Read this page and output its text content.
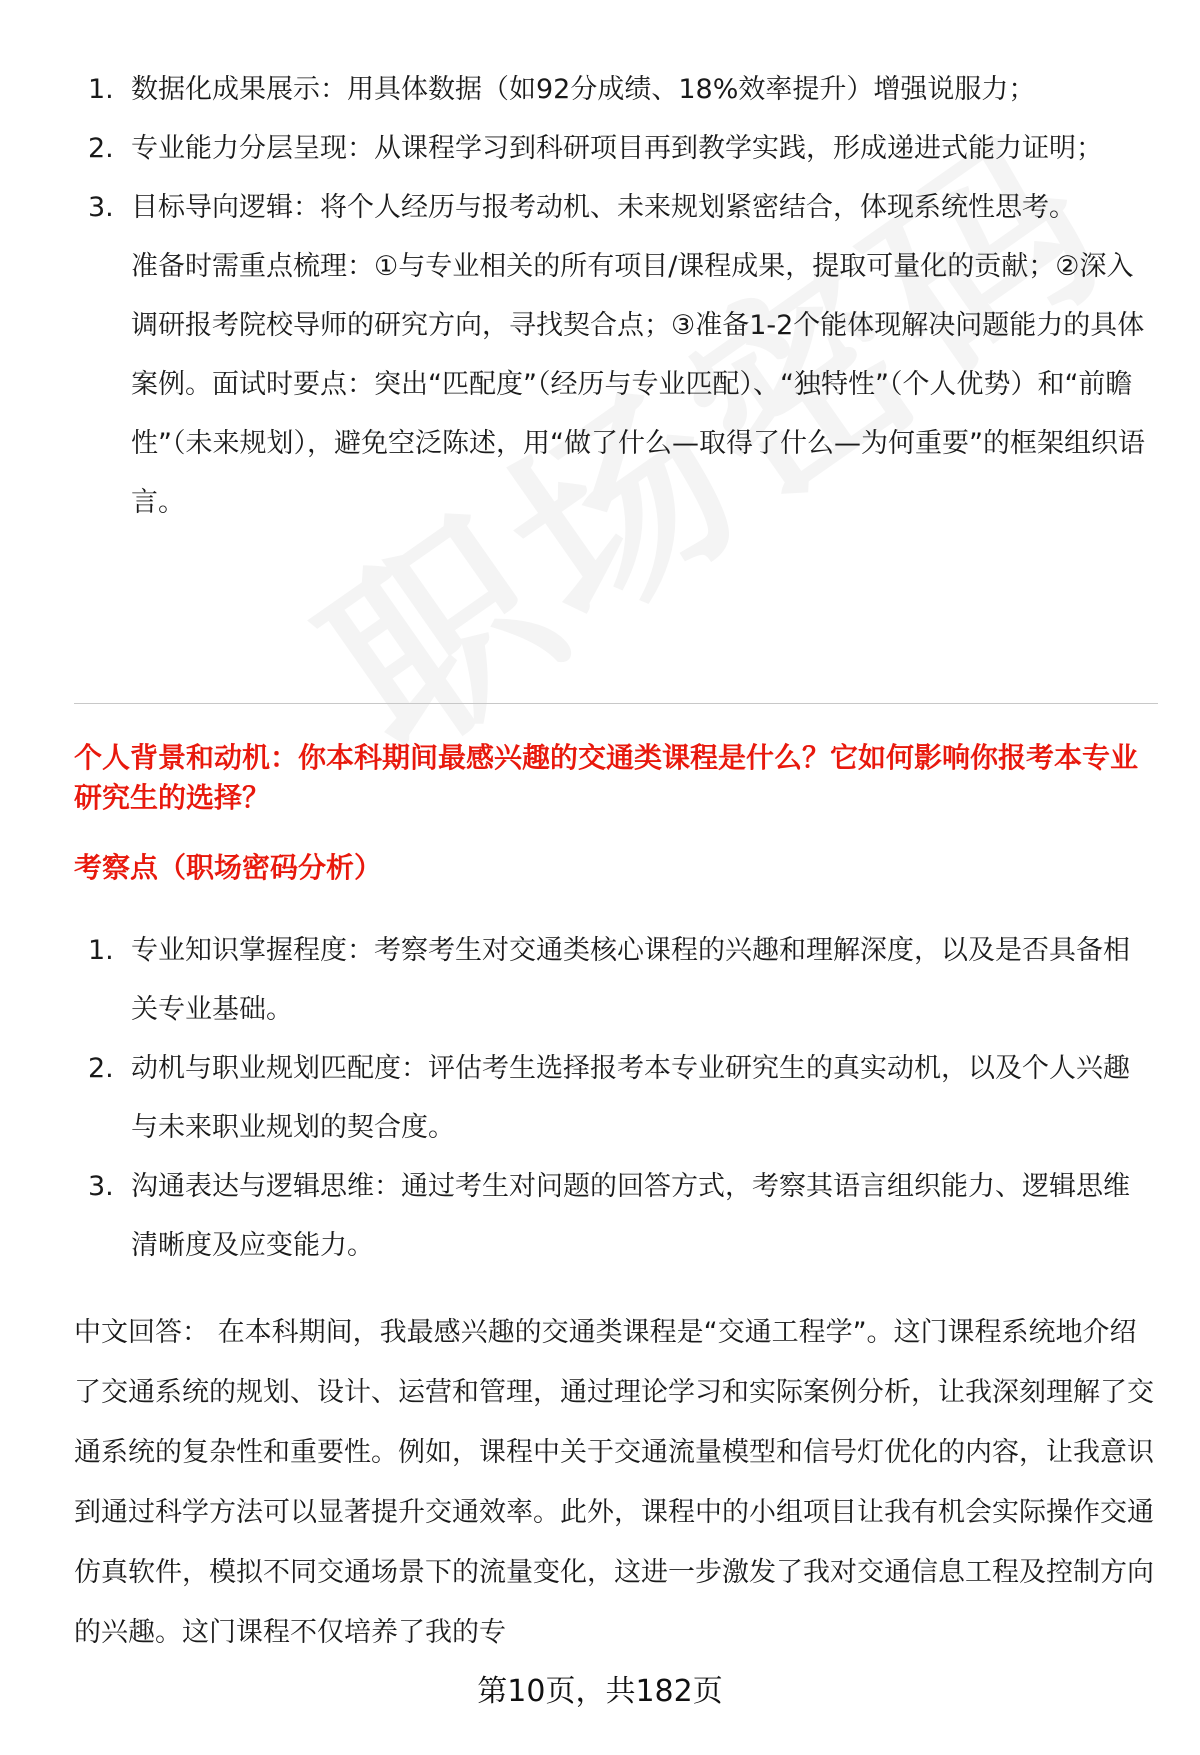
1. 数据化成果展示：用具体数据（如92分成绩、18%效率提升）增强说服力；
2. 专业能力分层呈现：从课程学习到科研项目再到教学实践，形成递进式能力证明；
3. 目标导向逻辑：将个人经历与报考动机、未来规划紧密结合，体现系统性思考。

准备时需重点梳理：①与专业相关的所有项目/课程成果，提取可量化的贡献；②深入调研报考院校导师的研究方向，寻找契合点；③准备1-2个能体现解决问题能力的具体案例。面试时要点：突出“匹配度”（经历与专业匹配）、“独特性”（个人优势）和“前瞻性”（未来规划），避免空泛陈述，用“做了什么—取得了什么—为何重要”的框架组织语言。

个人背景和动机：你本科期间最感兴趣的交通类课程是什么？它如何影响你报考本专业研究生的选择？
考察点（职场密码分析）
1. 专业知识掌握程度：考察考生对交通类核心课程的兴趣和理解深度，以及是否具备相关专业基础。
2. 动机与职业规划匹配度：评估考生选择报考本专业研究生的真实动机，以及个人兴趣与未来职业规划的契合度。
3. 沟通表达与逻辑思维：通过考生对问题的回答方式，考察其语言组织能力、逻辑思维清晰度及应变能力。

中文回答： 在本科期间，我最感兴趣的交通类课程是“交通工程学”。这门课程系统地介绍了交通系统的规划、设计、运营和管理，通过理论学习和实际案例分析，让我深刻理解了交通系统的复杂性和重要性。例如，课程中关于交通流量模型和信号灯优化的内容，让我意识到通过科学方法可以显著提升交通效率。此外，课程中的小组项目让我有机会实际操作交通仿真软件，模拟不同交通场景下的流量变化，这进一步激发了我对交通信息工程及控制方向的兴趣。这门课程不仅培养了我的专

第10页，共182页
